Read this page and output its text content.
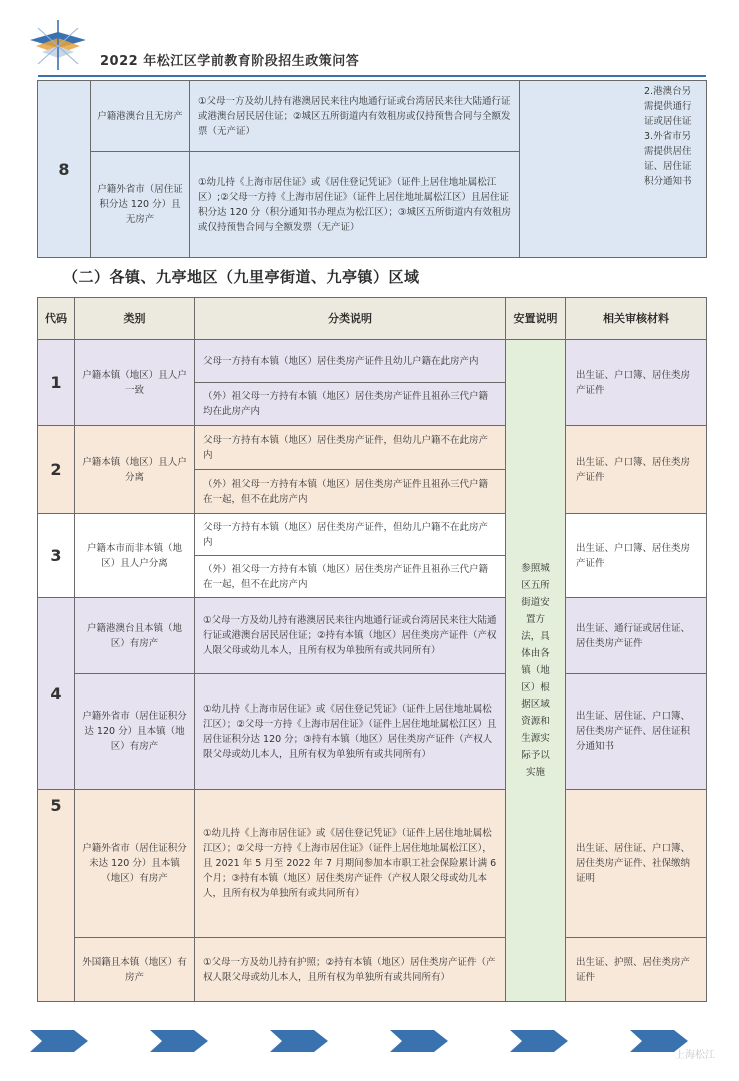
2022 年松江区学前教育阶段招生政策问答
8	户籍港澳台且无房产	①父母一方及幼儿持有港澳居民来往内地通行证或台湾居民来往大陆通行证或港澳台居民居住证；②城区五所街道内有效租房或仅持预售合同与全额发票（无产证）		2.港澳台另需提供通行证或居住证
3.外省市另需提供居住证、居住证积分通知书
	户籍外省市（居住证积分达 120 分）且无房产	①幼儿持《上海市居住证》或《居住登记凭证》（证件上居住地址属松江区）;②父母一方持《上海市居住证》（证件上居住地址属松江区）且居住证积分达 120 分（积分通知书办理点为松江区）；③城区五所街道内有效租房或仅持预售合同与全额发票（无产证）	
（二）各镇、九亭地区（九里亭街道、九亭镇）区域
代码	类别	分类说明	安置说明	相关审核材料
1	户籍本镇（地区）且人户一致	父母一方持有本镇（地区）居住类房产证件且幼儿户籍在此房产内	参照城区五所街道安置方法，具体由各镇（地区）根据区域资源和生源实际予以实施	出生证、户口簿、居住类房产证件
		（外）祖父母一方持有本镇（地区）居住类房产证件且祖孙三代户籍均在此房产内		
2	户籍本镇（地区）且人户分离	父母一方持有本镇（地区）居住类房产证件，但幼儿户籍不在此房产内		出生证、户口簿、居住类房产证件
		（外）祖父母一方持有本镇（地区）居住类房产证件且祖孙三代户籍在一起，但不在此房产内		
3	户籍本市而非本镇（地区）且人户分离	父母一方持有本镇（地区）居住类房产证件，但幼儿户籍不在此房产内		出生证、户口簿、居住类房产证件
		（外）祖父母一方持有本镇（地区）居住类房产证件且祖孙三代户籍在一起，但不在此房产内		
4	户籍港澳台且本镇（地区）有房产	①父母一方及幼儿持有港澳居民来往内地通行证或台湾居民来往大陆通行证或港澳台居民居住证；②持有本镇（地区）居住类房产证件（产权人限父母或幼儿本人，且所有权为单独所有或共同所有）		出生证、通行证或居住证、居住类房产证件
	户籍外省市（居住证积分达 120 分）且本镇（地区）有房产	①幼儿持《上海市居住证》或《居住登记凭证》（证件上居住地址属松江区）；②父母一方持《上海市居住证》（证件上居住地址属松江区）且居住证积分达 120 分；③持有本镇（地区）居住类房产证件（产权人限父母或幼儿本人，且所有权为单独所有或共同所有）		出生证、居住证、户口簿、居住类房产证件、居住证积分通知书
5	户籍外省市（居住证积分未达 120 分）且本镇（地区）有房产	①幼儿持《上海市居住证》或《居住登记凭证》（证件上居住地址属松江区）；②父母一方持《上海市居住证》（证件上居住地址属松江区），且 2021 年 5 月至 2022 年 7 月期间参加本市职工社会保险累计满 6 个月；③持有本镇（地区）居住类房产证件（产权人限父母或幼儿本人，且所有权为单独所有或共同所有）		出生证、居住证、户口簿、居住类房产证件、社保缴纳证明
	外国籍且本镇（地区）有房产	①父母一方及幼儿持有护照；②持有本镇（地区）居住类房产证件（产权人限父母或幼儿本人，且所有权为单独所有或共同所有）		出生证、护照、居住类房产证件
上海松江
